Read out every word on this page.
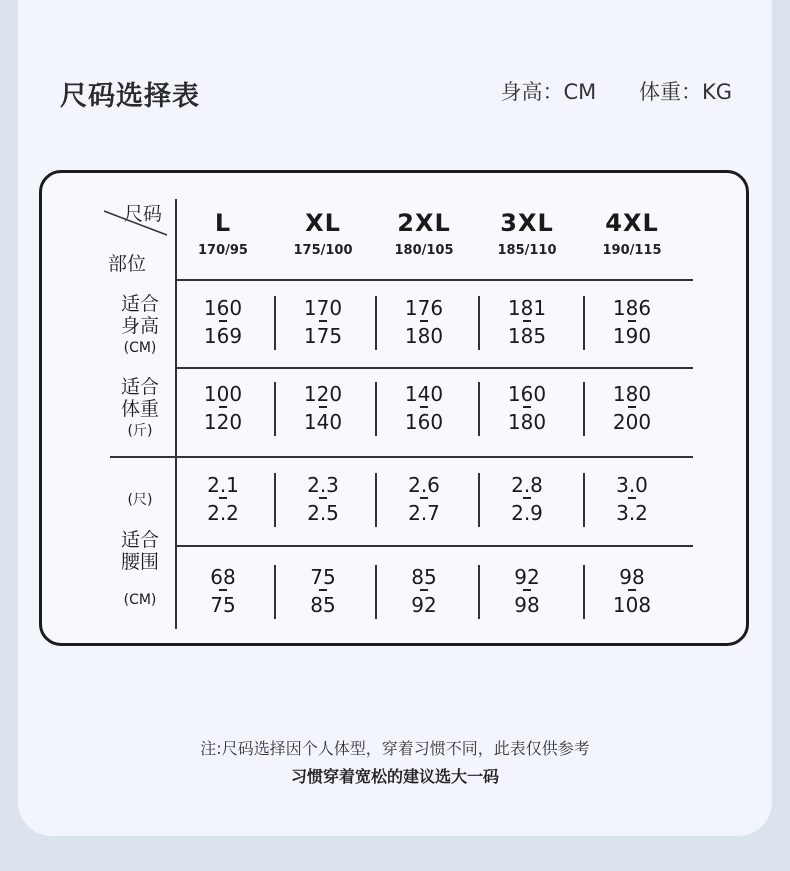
尺码选择表	身高：CM 体重：KG
尺码
部位
L
170/95
XL
175/100
2XL
180/105
3XL
185/110
4XL
190/115
适合
身高
(CM)
适合
体重
(斤)
(尺)
适合
腰围
(CM)
160
169
170
175
176
180
181
185
186
190
100
120
120
140
140
160
160
180
180
200
2.1
2.2
2.3
2.5
2.6
2.7
2.8
2.9
3.0
3.2
68
75
75
85
85
92
92
98
98
108
注:尺码选择因个人体型，穿着习惯不同，此表仅供参考
习惯穿着宽松的建议选大一码
